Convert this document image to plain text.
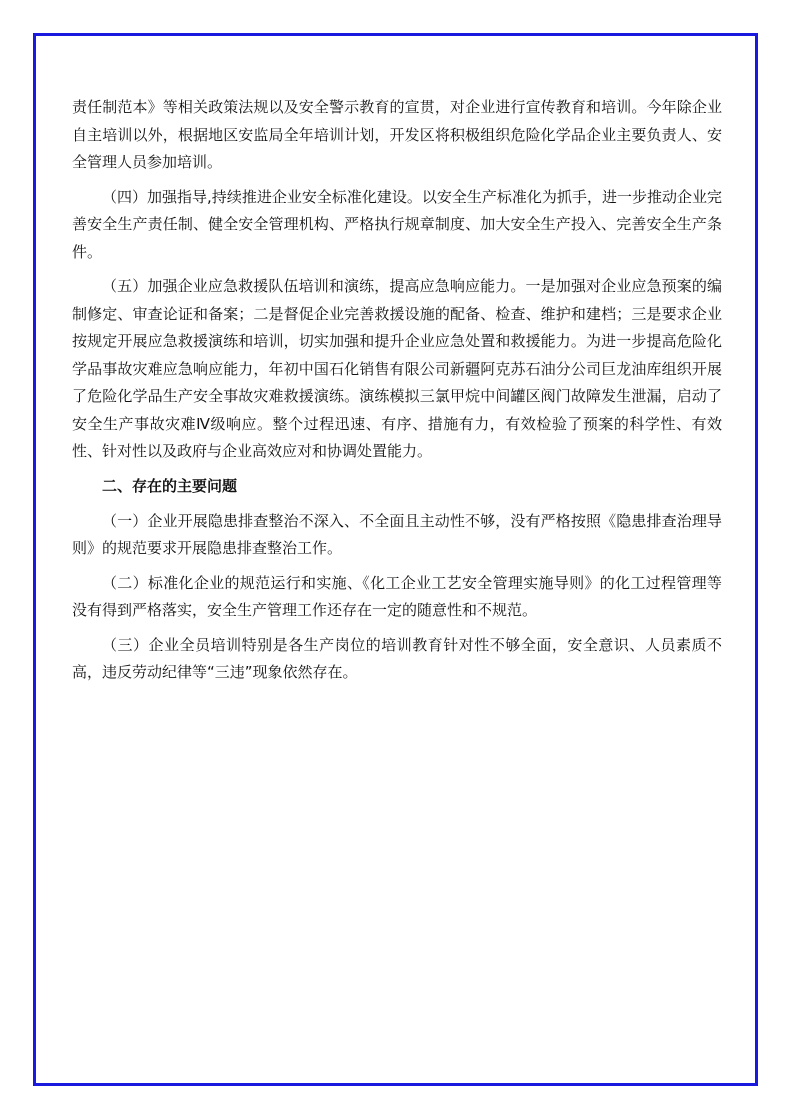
责任制范本》等相关政策法规以及安全警示教育的宣贯，对企业进行宣传教育和培训。今年除企业自主培训以外，根据地区安监局全年培训计划，开发区将积极组织危险化学品企业主要负责人、安全管理人员参加培训。

（四）加强指导,持续推进企业安全标准化建设。以安全生产标准化为抓手，进一步推动企业完善安全生产责任制、健全安全管理机构、严格执行规章制度、加大安全生产投入、完善安全生产条件。

（五）加强企业应急救援队伍培训和演练，提高应急响应能力。一是加强对企业应急预案的编制修定、审查论证和备案；二是督促企业完善救援设施的配备、检查、维护和建档；三是要求企业按规定开展应急救援演练和培训，切实加强和提升企业应急处置和救援能力。为进一步提高危险化学品事故灾难应急响应能力，年初中国石化销售有限公司新疆阿克苏石油分公司巨龙油库组织开展了危险化学品生产安全事故灾难救援演练。演练模拟三氯甲烷中间罐区阀门故障发生泄漏，启动了安全生产事故灾难Ⅳ级响应。整个过程迅速、有序、措施有力，有效检验了预案的科学性、有效性、针对性以及政府与企业高效应对和协调处置能力。

二、存在的主要问题

（一）企业开展隐患排查整治不深入、不全面且主动性不够，没有严格按照《隐患排查治理导则》的规范要求开展隐患排查整治工作。

（二）标准化企业的规范运行和实施、《化工企业工艺安全管理实施导则》的化工过程管理等没有得到严格落实，安全生产管理工作还存在一定的随意性和不规范。

（三）企业全员培训特别是各生产岗位的培训教育针对性不够全面，安全意识、人员素质不高，违反劳动纪律等“三违”现象依然存在。
